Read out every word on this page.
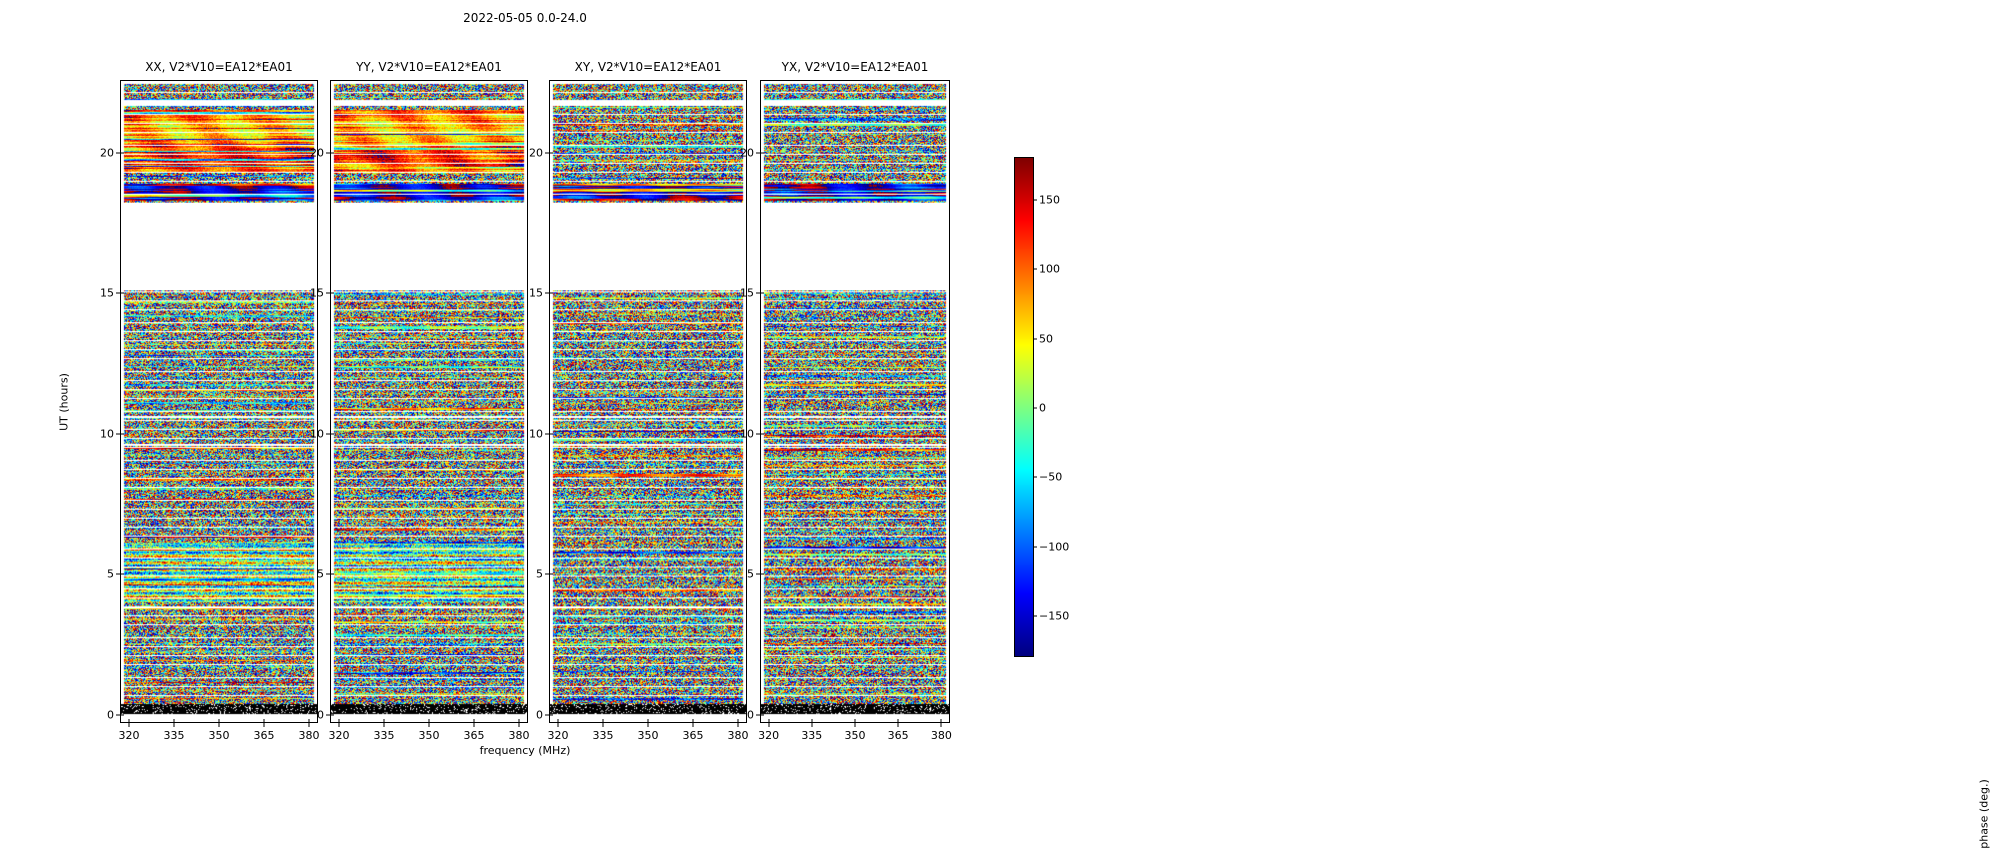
2022-05-05 0.0-24.0
UT (hours)
frequency (MHz)
XX, V2*V10=EA12*EA01
0
5
10
15
20
320 335 350 365 380
YY, V2*V10=EA12*EA01
0
5
10
15
20
320 335 350 365 380
XY, V2*V10=EA12*EA01
0
5
10
15
20
320 335 350 365 380
YX, V2*V10=EA12*EA01
0
5
10
15
20
320 335 350 365 380
−150
−100
−50
0
50
100
150
phase (deg.)
